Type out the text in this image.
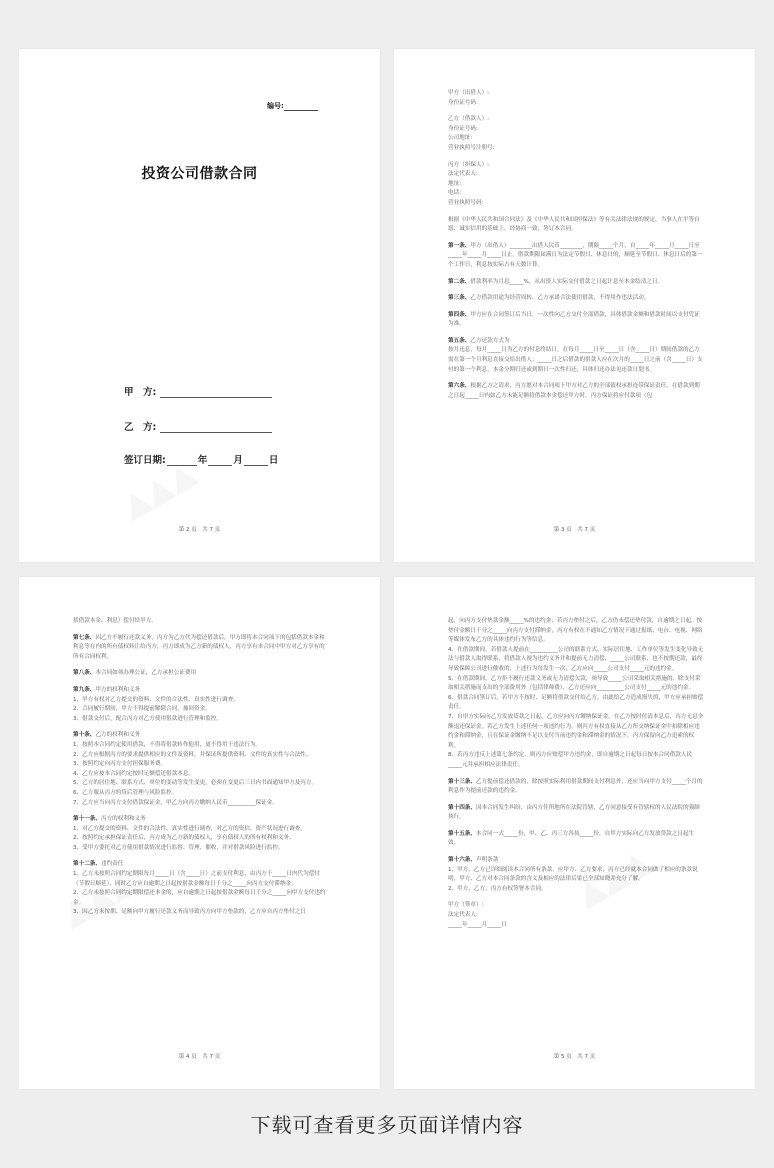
编号:
投资公司借款合同
甲　方:
乙　方:
签订日期:	年	月	日
第 2 页　共 7 页

甲方（出借人）:

身份证号码:

乙方（借款人）:

身份证号码:

公司地址:

营业执照号注册号:

丙方（担保人）:

法定代表人:

地址:

电话:

营业执照号码:

根据《中华人民共和国合同法》及《中华人民共和国担保法》等有关法律法规的规定，当事人在平等自愿、诚实信用的基础上，经协商一致，签订本合同。

第一条、甲方（出借人）________出借人民币________，期限_____个月，自_____年_____月_____日至_____年_____月_____日止。借款期限届满日为法定节假日、休息日的，顺延至节假日、休息日后的第一个工作日，利息按实际占有天数计算。

第二条、借款利率为月息_____%，从出资人实际交付借款之日起计息至本金结清之日。

第三条、乙方借款用途为经营周转，乙方承诺合法使用借款，不得用作违法活动。

第四条、甲方应在合同签订后当日，一次性向乙方交付全部借款，具体借款金额和借款时间以支付凭证为准。

第五条、乙方还款方式为

按月还息，每月_____日为乙方的付息终结日，在每月_____日至_____日（含_____日）期间借款的乙方需在第一个月利息直接交给出借人；_____日之后借款的借款人应在次月的_____日之前（含_____日）支付的第一个利息，本金分期归还或到期日一次性归还，具体归还办法见还款计划书。

第六条、根据乙方之请求，丙方愿对本合同项下甲方对乙方的全部债权承担连带保证责任。在借款到期之日起_____日内如乙方未能足额将借款本金偿还甲方时，丙方保证将应付款项（包

第 3 页　共 7 页

括借款本金、利息）偿付给甲方。

第七条、因乙方不履行还款义务，丙方为乙方代为偿还借款后，甲方即将本合同项下的包括借款本金和利息等在内的所有债权转让给丙方，丙方即成为乙方新的债权人，丙方享有本合同中甲方对乙方享有的所有合同权利。

第八条、本合同如须办理公证，乙方承担公证费用

第九条、甲方的权利和义务

1、甲方有权对乙方提交的资料、文件的合法性、真实性进行调查。

2、合同履行期间，甲方不得提前解除合同，抽回资金。

3、借款交付后，配合丙方对乙方使用借款进行管理和监控。

第十条、乙方的权利和义务

1、按照本合同约定使用借款，不得将借款转作他用，更不得用于违法行为。

2、乙方应根据丙方的要求提供相应的文件及资料，并保证所提供资料、文件的真实性与合法性。

3、按照约定向丙方支付担保服务费。

4、乙方应按本合同约定按时足额偿还借款本息。

5、乙方的居住地、联系方式、单位的变动等发生变更，必须在变更后三日内书面通知甲方及丙方。

6、乙方服从丙方的贷后管理与风险监控。

7、乙方应当向丙方支付借款保证金，甲乙方向丙方缴纳人民币__________保证金。

第十一条、丙方的权利和义务

1、对乙方提交的资料、文件的合法性、真实性进行调查，对乙方的资信、资产状况进行调查。

2、按照约定承担保证责任后，丙方成为乙方新的债权人，享有债权人的所有权利和义务。

3、受甲方委托对乙方使用借款情况进行监督、管理、催收，并对借款风险进行监控。

第十二条、违约责任

1、乙方未按照合同约定期限每月_____日（含_____日）之前支付利息，由丙方于_____日内代为偿付（节假日顺延），同时乙方应自逾期之日起按借款金额每日千分之_____向丙方支付滞纳金。

2、乙方未按照合同约定期限偿还本金的，应自逾期之日起按借款金额每日千分之_____向甲方支付违约金。

3、因乙方未按期、足额向甲方履行还款义务而导致丙方向甲方垫款的，乙方应自丙方垫付之日

第 4 页　共 7 页

起，向丙方支付垫款金额_____%的违约金；若丙方垫付之后，乙方仍未偿还垫付款，自逾期之日起，按垫付金额日千分之_____向丙方支付滞纳金，丙方有权在不通知乙方情况下通过报纸、电台、电视、网络等媒体发布乙方的具体违约行为等信息。

4、在借款期间，若借款人提前在__________公司的联系方式、实际居住地、工作单位等发生变化导致无法与借款人取得联系，将借款人视为违约义务并和提前无力清偿，_____公司联系，也不按期还款，最终导致保障公司进行催收的，上述行为每发生一次，乙方应向_____公司支付_____元的违约金。

5、在借款期间，乙方拒不履行还款义务或无力清偿欠款，须导致_____公司采取相关措施的，除支付采取相关措施而支出的全部费用外（包括律师费），乙方还应向__________公司支付_____元的违约金。

6、借款合同签订后，若甲方不按时、足额将借款交付给乙方，由此给乙方造成损失的，甲方应承担赔偿责任。

7、自甲方实际向乙方发放贷款之日起，乙方应向丙方缴纳保证金，在乙方按时付清本息后，丙方无息全额退还保证金。若乙方发生上述任何一项违约行为，则丙方有权直接从乙方所交纳保证金中扣除相应违约金和滞纳金，且在保证金缴纳不足以支付当前违约金和滞纳金的情况下，丙方保留向乙方追索的权利。

8、若丙方违反上述第七条约定，则丙方应赔偿甲方违约金，即自逾期之日起每日按本合同借款人民_____元并承担相应法律责任。

第十三条、乙方提前偿还借款的，除按照实际利用借款期间支付利息外，还应当向甲方支付_____个月的利息作为提前还款的违约金。

第十四条、因本合同发生纠纷，由丙方住所地所在法院管辖，乙方同意接受有管辖权的人民法院的强制执行。

第十五条、本合同一式_____份，甲、乙、丙三方各执_____份，自甲方实际向乙方发放贷款之日起生效。

第十六条、声明条款

1、甲方、乙方已详细阅读本合同所有条款，应甲方、乙方要求，丙方已经就本合同做了相应的条款说明，甲方、乙方对本合同条款的含义及相应的法律后果已全部知晓并充分了解。

2、甲方、乙方、丙方有权签署本合同。

甲方（签章）:

法定代表人:

_____年_____月_____日

第 5 页　共 7 页
下载可查看更多页面详情内容
